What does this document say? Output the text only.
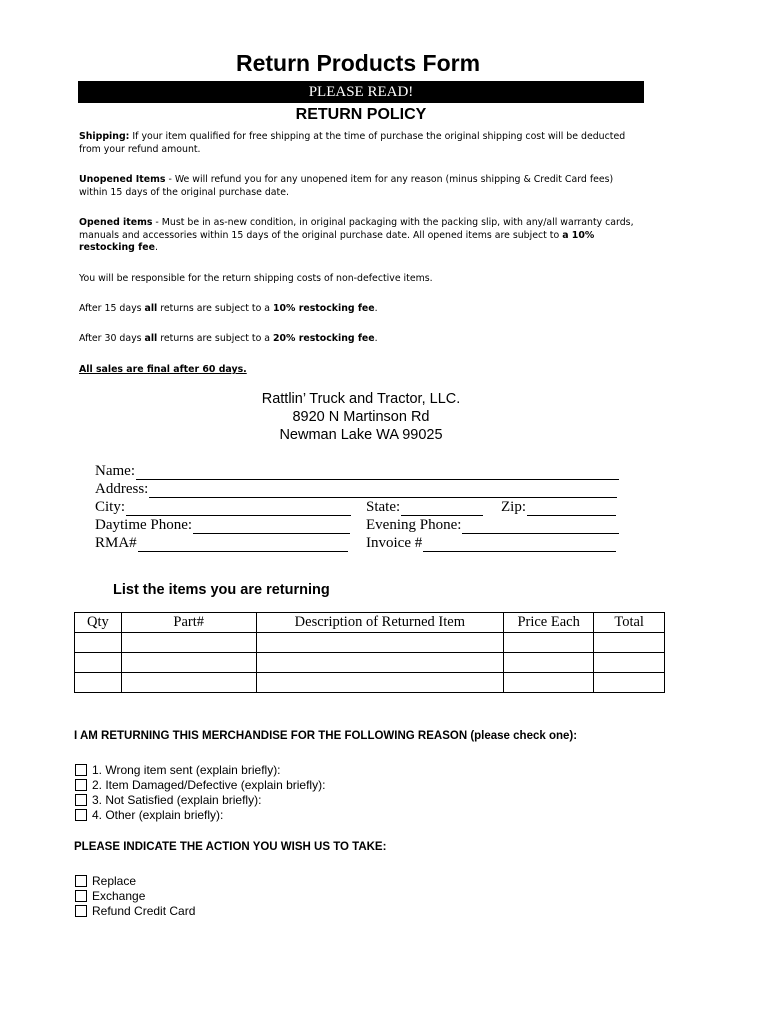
Return Products Form
PLEASE READ!
RETURN POLICY
Shipping: If your item qualified for free shipping at the time of purchase the original shipping cost will be deducted from your refund amount.
Unopened Items - We will refund you for any unopened item for any reason (minus shipping & Credit Card fees) within 15 days of the original purchase date.
Opened items - Must be in as-new condition, in original packaging with the packing slip, with any/all warranty cards, manuals and accessories within 15 days of the original purchase date. All opened items are subject to a 10% restocking fee.
You will be responsible for the return shipping costs of non-defective items.
After 15 days all returns are subject to a 10% restocking fee.
After 30 days all returns are subject to a 20% restocking fee.
All sales are final after 60 days.
Rattlin’ Truck and Tractor, LLC.
8920 N Martinson Rd
Newman Lake WA 99025
Name:
Address:
City:	State:	Zip:
Daytime Phone:	Evening Phone:
RMA#	Invoice #
List the items you are returning
Qty	Part#	Description of Returned Item	Price Each	Total

I AM RETURNING THIS MERCHANDISE FOR THE FOLLOWING REASON (please check one):
1. Wrong item sent (explain briefly):
2. Item Damaged/Defective (explain briefly):
3. Not Satisfied (explain briefly):
4. Other (explain briefly):
PLEASE INDICATE THE ACTION YOU WISH US TO TAKE:
Replace
Exchange
Refund Credit Card
